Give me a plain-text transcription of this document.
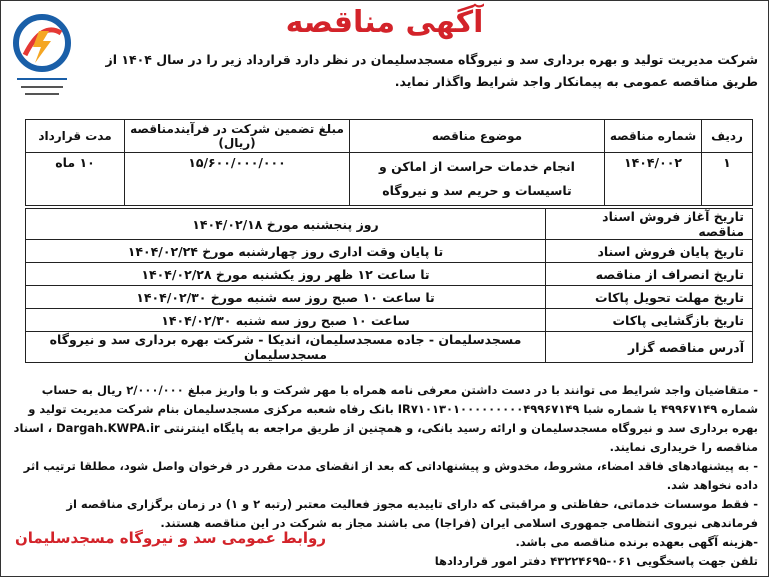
آگهی مناقصه
شرکت مدیریت تولید و بهره برداری سد و نیروگاه مسجدسلیمان در نظر دارد قرارداد زیر را در سال ۱۴۰۴ از طریق مناقصه عمومی به پیمانکار واجد شرایط واگذار نماید.
ردیف	شماره مناقصه	موضوع مناقصه	مبلغ تضمین شرکت در فرآیندمناقصه (ریال)	مدت قرارداد
۱	۱۴۰۴/۰۰۲	انجام خدمات حراست از اماکن و تاسیسات و حریم سد و نیروگاه	۱۵/۶۰۰/۰۰۰/۰۰۰	۱۰ ماه
تاریخ آغاز فروش اسناد مناقصه	روز پنجشنبه مورخ ۱۴۰۴/۰۲/۱۸
تاریخ پایان فروش اسناد	تا پایان وقت اداری روز چهارشنبه مورخ ۱۴۰۴/۰۲/۲۴
تاریخ انصراف از مناقصه	تا ساعت ۱۲ ظهر روز یکشنبه مورخ ۱۴۰۴/۰۲/۲۸
تاریخ مهلت تحویل پاکات	تا ساعت ۱۰ صبح روز سه شنبه مورخ ۱۴۰۴/۰۲/۳۰
تاریخ بازگشایی پاکات	ساعت ۱۰ صبح روز سه شنبه ۱۴۰۴/۰۲/۳۰
آدرس مناقصه گزار	مسجدسلیمان - جاده مسجدسلیمان، اندیکا - شرکت بهره برداری سد و نیروگاه مسجدسلیمان

- متقاضیان واجد شرایط می توانند با در دست داشتن معرفی نامه همراه با مهر شرکت و با واریز مبلغ ۲/۰۰۰/۰۰۰ ریال به حساب شماره ۴۹۹۶۷۱۴۹ یا شماره شبا IR۷۱۰۱۳۰۱۰۰۰۰۰۰۰۰۰۴۹۹۶۷۱۴۹ بانک رفاه شعبه مرکزی مسجدسلیمان بنام شرکت مدیریت تولید و بهره برداری سد و نیروگاه مسجدسلیمان و ارائه رسید بانکی، و همچنین از طریق مراجعه به پایگاه اینترنتی Dargah.KWPA.ir ، اسناد مناقصه را خریداری نمایند.

- به پیشنهادهای فاقد امضاء، مشروط، مخدوش و پیشنهاداتی که بعد از انقضای مدت مقرر در فرخوان واصل شود، مطلقا ترتیب اثر داده نخواهد شد.

- فقط موسسات خدماتی، حفاظتی و مراقبتی که دارای تاییدیه مجوز فعالیت معتبر (رتبه ۲ و ۱) در زمان برگزاری مناقصه از فرماندهی نیروی انتظامی جمهوری اسلامی ایران (فراجا) می باشند مجاز به شرکت در این مناقصه هستند.

-هزینه آگهی بعهده برنده مناقصه می باشد.

تلفن جهت پاسخگویی ۰۶۱-۴۳۲۲۴۶۹۵ دفتر امور قراردادها

روابط عمومی سد و نیروگاه مسجدسلیمان
